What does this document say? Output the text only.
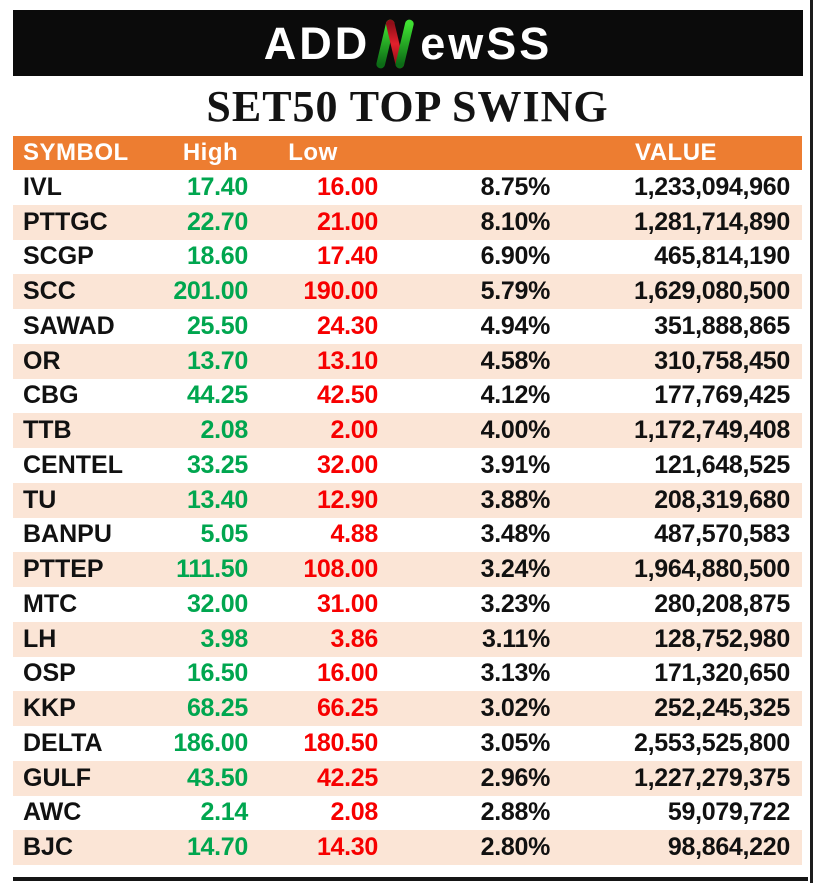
ADD ewSS
SET50 TOP SWING
SYMBOL	High	Low		VALUE
IVL	17.40	16.00	8.75%	1,233,094,960
PTTGC	22.70	21.00	8.10%	1,281,714,890
SCGP	18.60	17.40	6.90%	465,814,190
SCC	201.00	190.00	5.79%	1,629,080,500
SAWAD	25.50	24.30	4.94%	351,888,865
OR	13.70	13.10	4.58%	310,758,450
CBG	44.25	42.50	4.12%	177,769,425
TTB	2.08	2.00	4.00%	1,172,749,408
CENTEL	33.25	32.00	3.91%	121,648,525
TU	13.40	12.90	3.88%	208,319,680
BANPU	5.05	4.88	3.48%	487,570,583
PTTEP	111.50	108.00	3.24%	1,964,880,500
MTC	32.00	31.00	3.23%	280,208,875
LH	3.98	3.86	3.11%	128,752,980
OSP	16.50	16.00	3.13%	171,320,650
KKP	68.25	66.25	3.02%	252,245,325
DELTA	186.00	180.50	3.05%	2,553,525,800
GULF	43.50	42.25	2.96%	1,227,279,375
AWC	2.14	2.08	2.88%	59,079,722
BJC	14.70	14.30	2.80%	98,864,220
